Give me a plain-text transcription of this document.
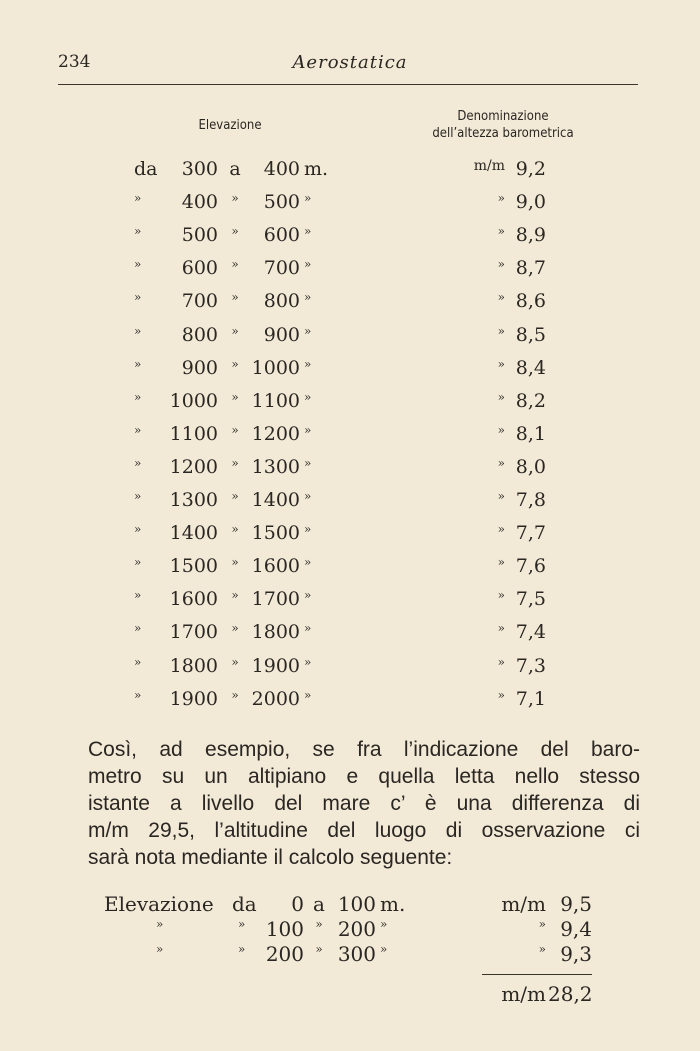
234	Aerostatica
Elevazione
Denominazione
dell’altezza barometrica
da	300 a	400 m.	m/m 9,2
»	400	»	500 »	» 9,0
»	500	»	600 »	» 8,9
»	600	»	700 »	» 8,7
»	700	»	800 »	» 8,6
»	800	»	900 »	» 8,5
»	900	» 1000 »	» 8,4
»	1000	» 1100 »	» 8,2
»	1100	» 1200 »	» 8,1
»	1200	» 1300 »	» 8,0
»	1300	» 1400 »	» 7,8
»	1400	» 1500 »	» 7,7
»	1500	» 1600 »	» 7,6
»	1600	» 1700 »	» 7,5
»	1700	» 1800 »	» 7,4
»	1800	» 1900 »	» 7,3
»	1900	» 2000 »	» 7,1
Così, ad esempio, se fra l’indicazione del baro-
metro su un altipiano e quella letta nello stesso
istante a livello del mare c’ è una differenza di
m/m 29,5, l’altitudine del luogo di osservazione ci
sarà nota mediante il calcolo seguente:
Elevazione da	0 a 100 m.	m/m 9,5
»	»	100 » 200 »	» 9,4
»	»	200 » 300 »	» 9,3
m/m 28,2
